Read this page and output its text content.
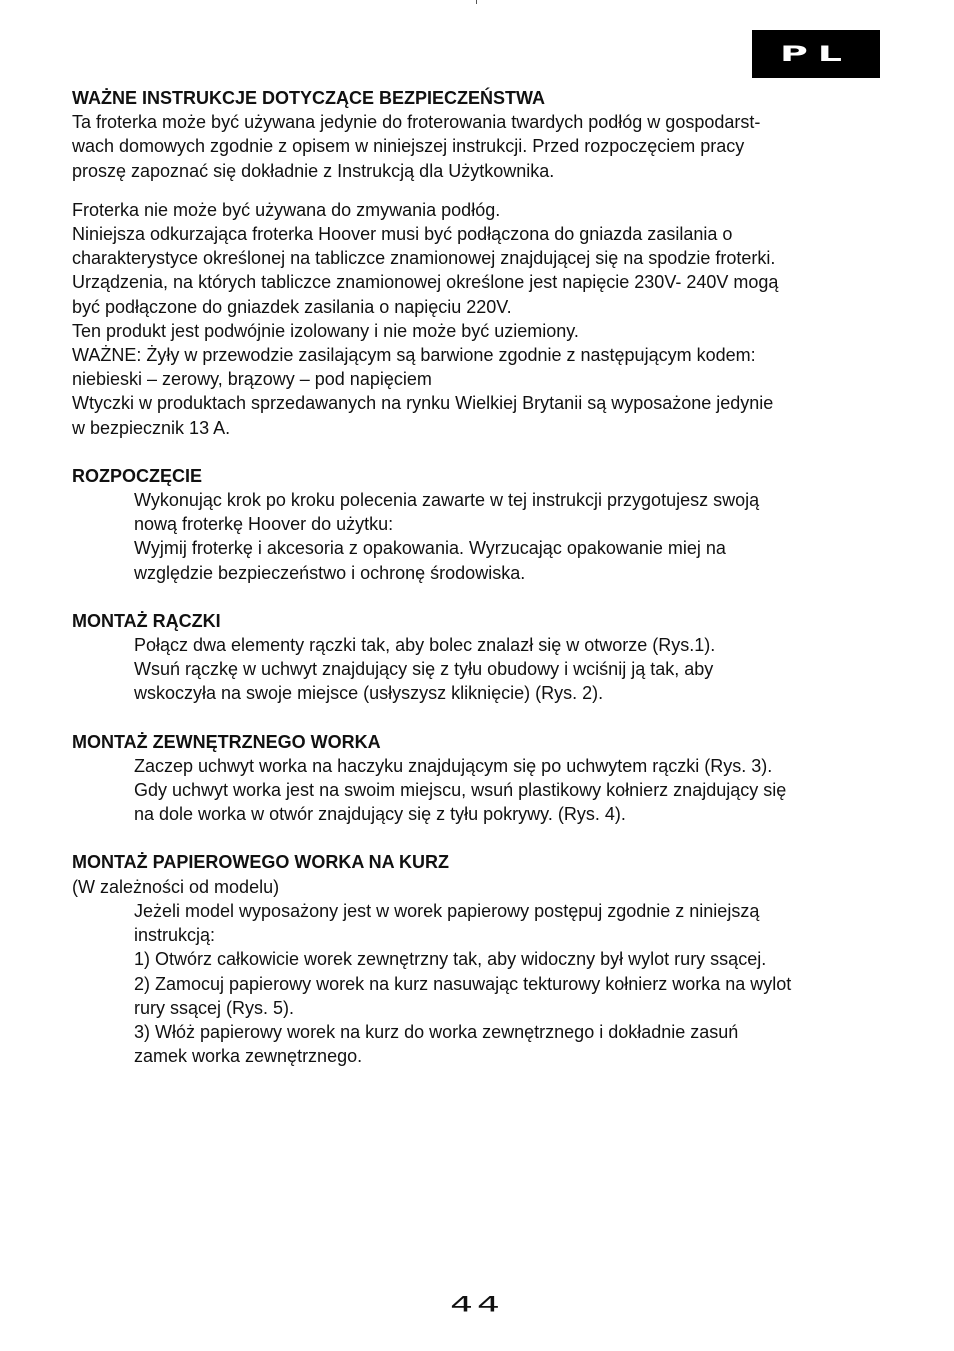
PL

WAŻNE INSTRUKCJE DOTYCZĄCE BEZPIECZEŃSTWA

Ta froterka może być używana jedynie do froterowania twardych podłóg w gospodarst-

wach domowych zgodnie z opisem w niniejszej instrukcji. Przed rozpoczęciem pracy

proszę zapoznać się dokładnie z Instrukcją dla Użytkownika.

Froterka nie może być używana do zmywania podłóg.

Niniejsza odkurzająca froterka Hoover musi być podłączona do gniazda zasilania o

charakterystyce określonej na tabliczce znamionowej znajdującej się na spodzie froterki.

Urządzenia, na których tabliczce znamionowej określone jest napięcie 230V- 240V mogą

być podłączone do gniazdek zasilania o napięciu 220V.

Ten produkt jest podwójnie izolowany i nie może być uziemiony.

WAŻNE: Żyły w przewodzie zasilającym są barwione zgodnie z następującym kodem:

niebieski – zerowy, brązowy – pod napięciem

Wtyczki w produktach sprzedawanych na rynku Wielkiej Brytanii są wyposażone jedynie

w bezpiecznik 13 A.

ROZPOCZĘCIE

Wykonując krok po kroku polecenia zawarte w tej instrukcji przygotujesz swoją

nową froterkę Hoover do użytku:

Wyjmij froterkę i akcesoria z opakowania. Wyrzucając opakowanie miej na

względzie bezpieczeństwo i ochronę środowiska.

MONTAŻ RĄCZKI

Połącz dwa elementy rączki tak, aby bolec znalazł się w otworze (Rys.1).

Wsuń rączkę w uchwyt znajdujący się z tyłu obudowy i wciśnij ją tak, aby

wskoczyła na swoje miejsce (usłyszysz kliknięcie) (Rys. 2).

MONTAŻ ZEWNĘTRZNEGO WORKA

Zaczep uchwyt worka na haczyku znajdującym się po uchwytem rączki (Rys. 3).

Gdy uchwyt worka jest na swoim miejscu, wsuń plastikowy kołnierz znajdujący się

na dole worka w otwór znajdujący się z tyłu pokrywy. (Rys. 4).

MONTAŻ PAPIEROWEGO WORKA NA KURZ

(W zależności od modelu)

Jeżeli model wyposażony jest w worek papierowy postępuj zgodnie z niniejszą

instrukcją:

1) Otwórz całkowicie worek zewnętrzny tak, aby widoczny był wylot rury ssącej.

2) Zamocuj papierowy worek na kurz nasuwając tekturowy kołnierz worka na wylot

rury ssącej (Rys. 5).

3) Włóż papierowy worek na kurz do worka zewnętrznego i dokładnie zasuń

zamek worka zewnętrznego.

44
